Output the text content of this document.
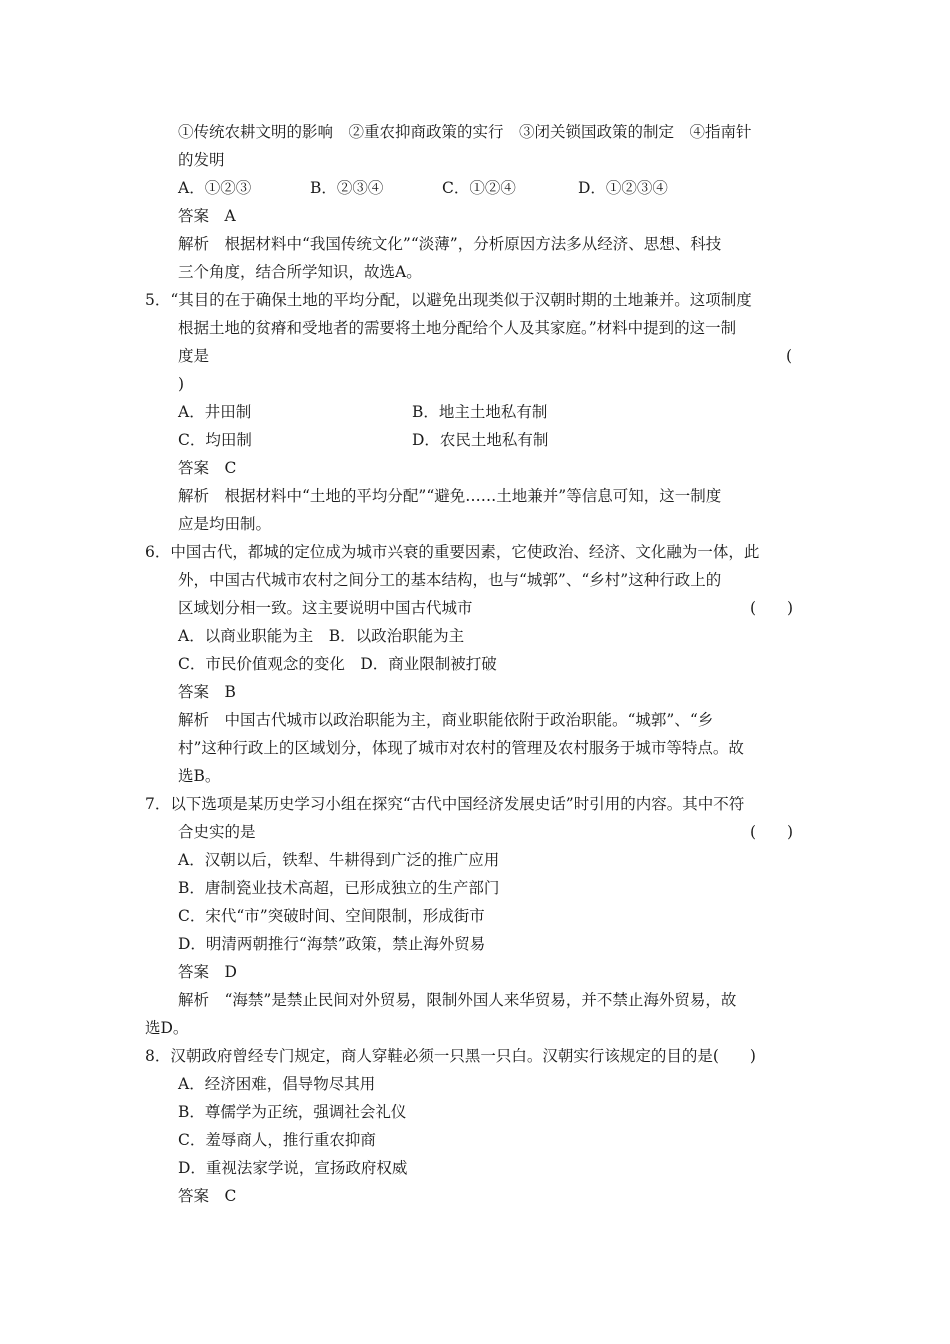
①传统农耕文明的影响　②重农抑商政策的实行　③闭关锁国政策的制定　④指南针
的发明
A．①②③	B．②③④	C．①②④	D．①②③④
答案　A
解析　根据材料中“我国传统文化”“淡薄”，分析原因方法多从经济、思想、科技
三个角度，结合所学知识，故选A。
5．“其目的在于确保土地的平均分配，以避免出现类似于汉朝时期的土地兼并。这项制度
根据土地的贫瘠和受地者的需要将土地分配给个人及其家庭。”材料中提到的这一制
度是	(
)
A．井田制	B．地主土地私有制
C．均田制	D．农民土地私有制
答案　C
解析　根据材料中“土地的平均分配”“避免……土地兼并”等信息可知，这一制度
应是均田制。
6．中国古代，都城的定位成为城市兴衰的重要因素，它使政治、经济、文化融为一体，此
外，中国古代城市农村之间分工的基本结构，也与“城郭”、“乡村”这种行政上的
区域划分相一致。这主要说明中国古代城市	(　　)
A．以商业职能为主　B．以政治职能为主
C．市民价值观念的变化　D．商业限制被打破
答案　B
解析　中国古代城市以政治职能为主，商业职能依附于政治职能。“城郭”、“乡
村”这种行政上的区域划分，体现了城市对农村的管理及农村服务于城市等特点。故
选B。
7．以下选项是某历史学习小组在探究“古代中国经济发展史话”时引用的内容。其中不符
合史实的是	(　　)
A．汉朝以后，铁犁、牛耕得到广泛的推广应用
B．唐制瓷业技术高超，已形成独立的生产部门
C．宋代“市”突破时间、空间限制，形成街市
D．明清两朝推行“海禁”政策，禁止海外贸易
答案　D
解析　“海禁”是禁止民间对外贸易，限制外国人来华贸易，并不禁止海外贸易，故
选D。
8．汉朝政府曾经专门规定，商人穿鞋必须一只黑一只白。汉朝实行该规定的目的是(　　)
A．经济困难，倡导物尽其用
B．尊儒学为正统，强调社会礼仪
C．羞辱商人，推行重农抑商
D．重视法家学说，宣扬政府权威
答案　C
